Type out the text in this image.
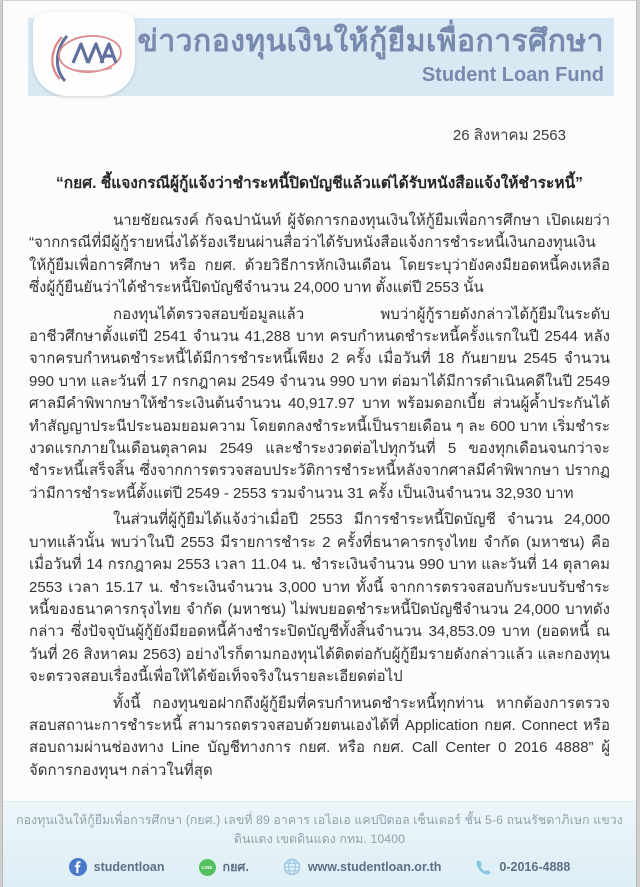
ข่าวกองทุนเงินให้กู้ยืมเพื่อการศึกษา
Student Loan Fund
26 สิงหาคม 2563
“กยศ. ชี้แจงกรณีผู้กู้แจ้งว่าชำระหนี้ปิดบัญชีแล้วแต่ได้รับหนังสือแจ้งให้ชำระหนี้”

นายชัยณรงค์ กัจฉปานันท์ ผู้จัดการกองทุนเงินให้กู้ยืมเพื่อการศึกษา เปิดเผยว่า “จากกรณีที่มีผู้กู้รายหนึ่งได้ร้องเรียนผ่านสื่อว่าได้รับหนังสือแจ้งการชำระหนี้เงินกองทุนเงินให้กู้ยืมเพื่อการศึกษา หรือ กยศ. ด้วยวิธีการหักเงินเดือน โดยระบุว่ายังคงมียอดหนี้คงเหลือ ซึ่งผู้กู้ยืนยันว่าได้ชำระหนี้ปิดบัญชีจำนวน 24,000 บาท ตั้งแต่ปี 2553 นั้น

กองทุนได้ตรวจสอบข้อมูลแล้ว พบว่าผู้กู้รายดังกล่าวได้กู้ยืมในระดับอาชีวศึกษาตั้งแต่ปี 2541 จำนวน 41,288 บาท ครบกำหนดชำระหนี้ครั้งแรกในปี 2544 หลังจากครบกำหนดชำระหนี้ได้มีการชำระหนี้เพียง 2 ครั้ง เมื่อวันที่ 18 กันยายน 2545 จำนวน 990 บาท และวันที่ 17 กรกฎาคม 2549 จำนวน 990 บาท ต่อมาได้มีการดำเนินคดีในปี 2549 ศาลมีคำพิพากษาให้ชำระเงินต้นจำนวน 40,917.97 บาท พร้อมดอกเบี้ย ส่วนผู้ค้ำประกันได้ทำสัญญาประนีประนอมยอมความ โดยตกลงชำระหนี้เป็นรายเดือน ๆ ละ 600 บาท เริ่มชำระงวดแรกภายในเดือนตุลาคม 2549 และชำระงวดต่อไปทุกวันที่ 5 ของทุกเดือนจนกว่าจะชำระหนี้เสร็จสิ้น ซึ่งจากการตรวจสอบประวัติการชำระหนี้หลังจากศาลมีคำพิพากษา ปรากฏว่ามีการชำระหนี้ตั้งแต่ปี 2549 - 2553 รวมจำนวน 31 ครั้ง เป็นเงินจำนวน 32,930 บาท

ในส่วนที่ผู้กู้ยืมได้แจ้งว่าเมื่อปี 2553 มีการชำระหนี้ปิดบัญชี จำนวน 24,000 บาทแล้วนั้น พบว่าในปี 2553 มีรายการชำระ 2 ครั้งที่ธนาคารกรุงไทย จำกัด (มหาชน) คือเมื่อวันที่ 14 กรกฎาคม 2553 เวลา 11.04 น. ชำระเงินจำนวน 990 บาท และวันที่ 14 ตุลาคม 2553 เวลา 15.17 น. ชำระเงินจำนวน 3,000 บาท ทั้งนี้ จากการตรวจสอบกับระบบรับชำระหนี้ของธนาคารกรุงไทย จำกัด (มหาชน) ไม่พบยอดชำระหนี้ปิดบัญชีจำนวน 24,000 บาทดังกล่าว ซึ่งปัจจุบันผู้กู้ยังมียอดหนี้ค้างชำระปิดบัญชีทั้งสิ้นจำนวน 34,853.09 บาท (ยอดหนี้ ณ วันที่ 26 สิงหาคม 2563) อย่างไรก็ตามกองทุนได้ติดต่อกับผู้กู้ยืมรายดังกล่าวแล้ว และกองทุนจะตรวจสอบเรื่องนี้เพื่อให้ได้ข้อเท็จจริงในรายละเอียดต่อไป

ทั้งนี้ กองทุนขอฝากถึงผู้กู้ยืมที่ครบกำหนดชำระหนี้ทุกท่าน หากต้องการตรวจสอบสถานะการชำระหนี้ สามารถตรวจสอบด้วยตนเองได้ที่ Application กยศ. Connect หรือสอบถามผ่านช่องทาง Line บัญชีทางการ กยศ. หรือ กยศ. Call Center 0 2016 4888” ผู้จัดการกองทุนฯ กล่าวในที่สุด

กองทุนเงินให้กู้ยืมเพื่อการศึกษา (กยศ.) เลขที่ 89 อาคาร เอไอเอ แคปปิตอล เซ็นเตอร์ ชั้น 5-6 ถนนรัชดาภิเษก แขวงดินแดง เขตดินแดง กทม. 10400
studentloan	LINE กยศ.	www.studentloan.or.th	0-2016-4888
